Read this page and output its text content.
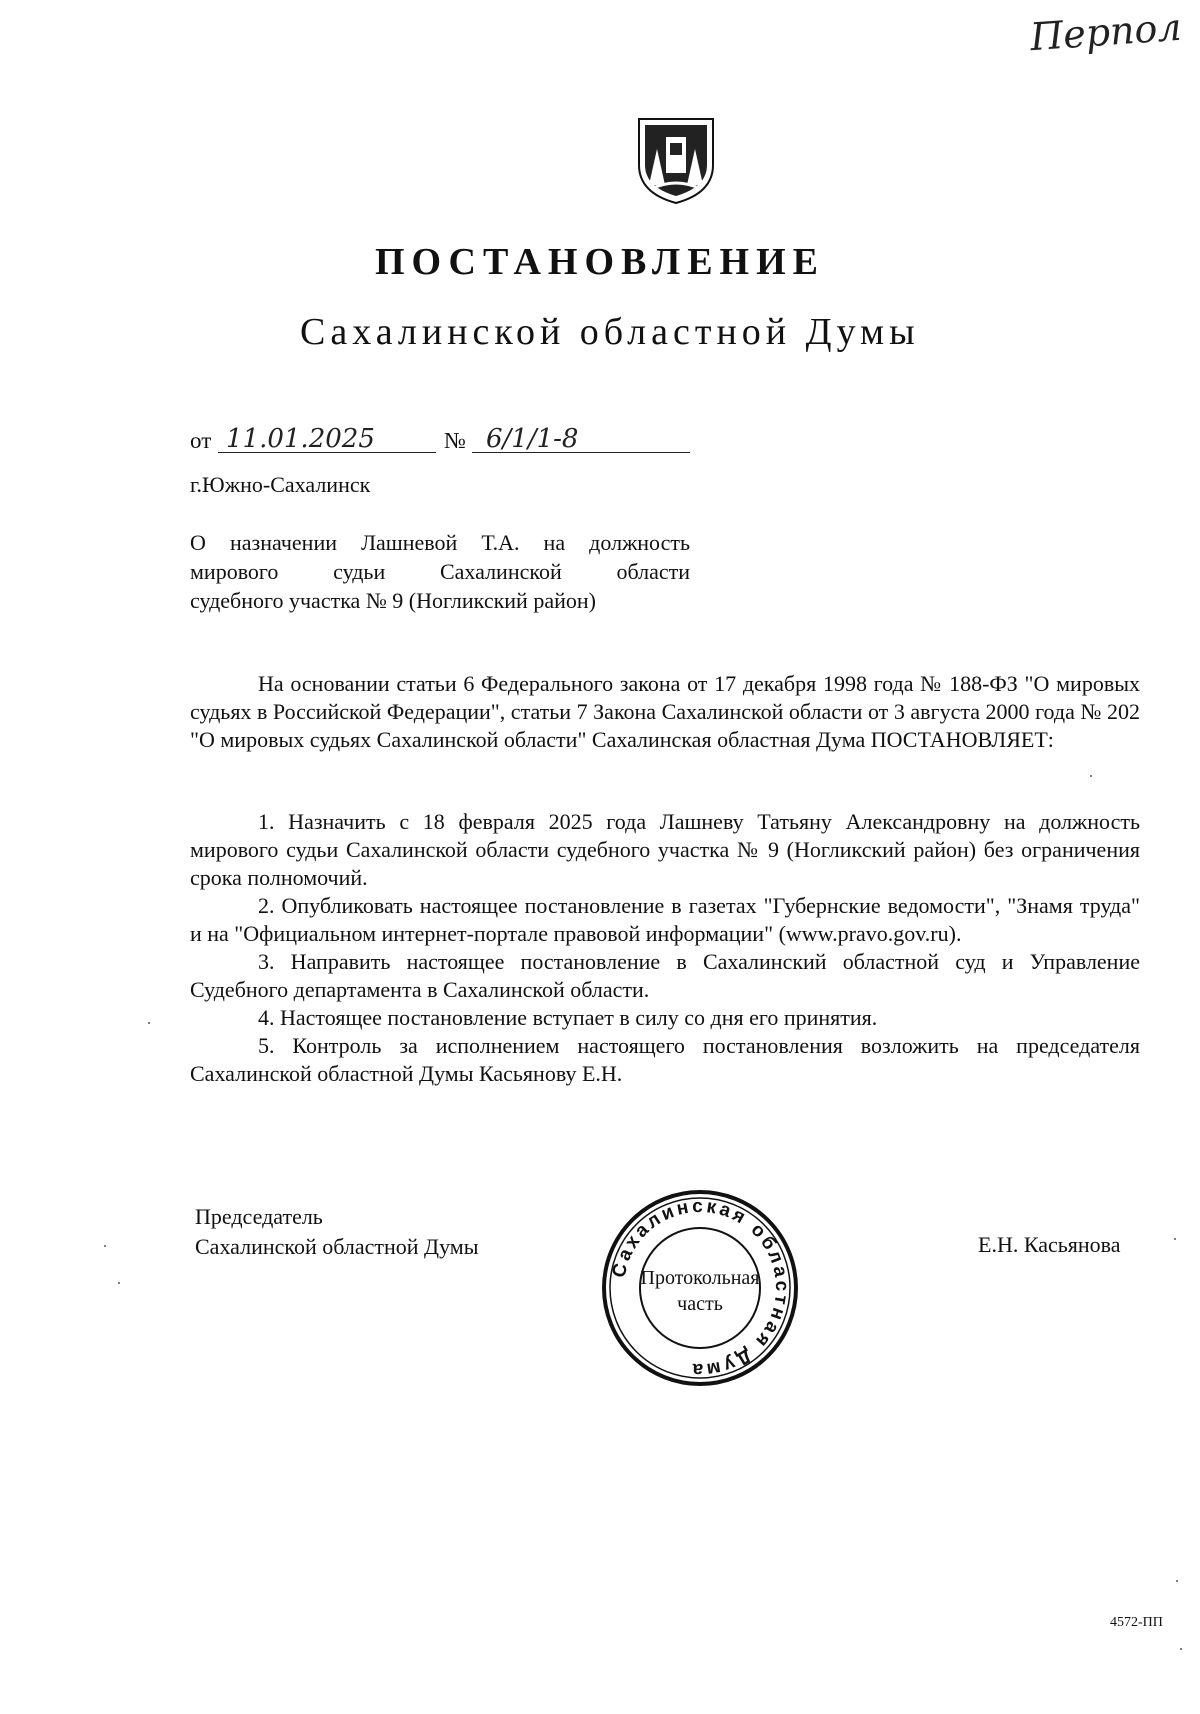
Перпол
ПОСТАНОВЛЕНИЕ
Сахалинской областной Думы
от 11.01.2025	№ 6/1/1-8
г.Южно-Сахалинск
О назначении Лашневой Т.А. на должность
мирового судьи Сахалинской области
судебного участка № 9 (Ногликский район)
На основании статьи 6 Федерального закона от 17 декабря 1998 года № 188-ФЗ "О мировых судьях в Российской Федерации", статьи 7 Закона Сахалинской области от 3 августа 2000 года № 202 "О мировых судьях Сахалинской области" Сахалинская областная Дума ПОСТАНОВЛЯЕТ:
1. Назначить с 18 февраля 2025 года Лашневу Татьяну Александровну на должность мирового судьи Сахалинской области судебного участка № 9 (Ногликский район) без ограничения срока полномочий.
2. Опубликовать настоящее постановление в газетах "Губернские ведомости", "Знамя труда" и на "Официальном интернет-портале правовой информации" (www.pravo.gov.ru).
3. Направить настоящее постановление в Сахалинский областной суд и Управление Судебного департамента в Сахалинской области.
4. Настоящее постановление вступает в силу со дня его принятия.
5. Контроль за исполнением настоящего постановления возложить на председателя Сахалинской областной Думы Касьянову Е.Н.
Председатель
Сахалинской областной Думы	Е.Н. Касьянова
Сахалинская областная Дума
Протокольная
часть
4572-ПП
